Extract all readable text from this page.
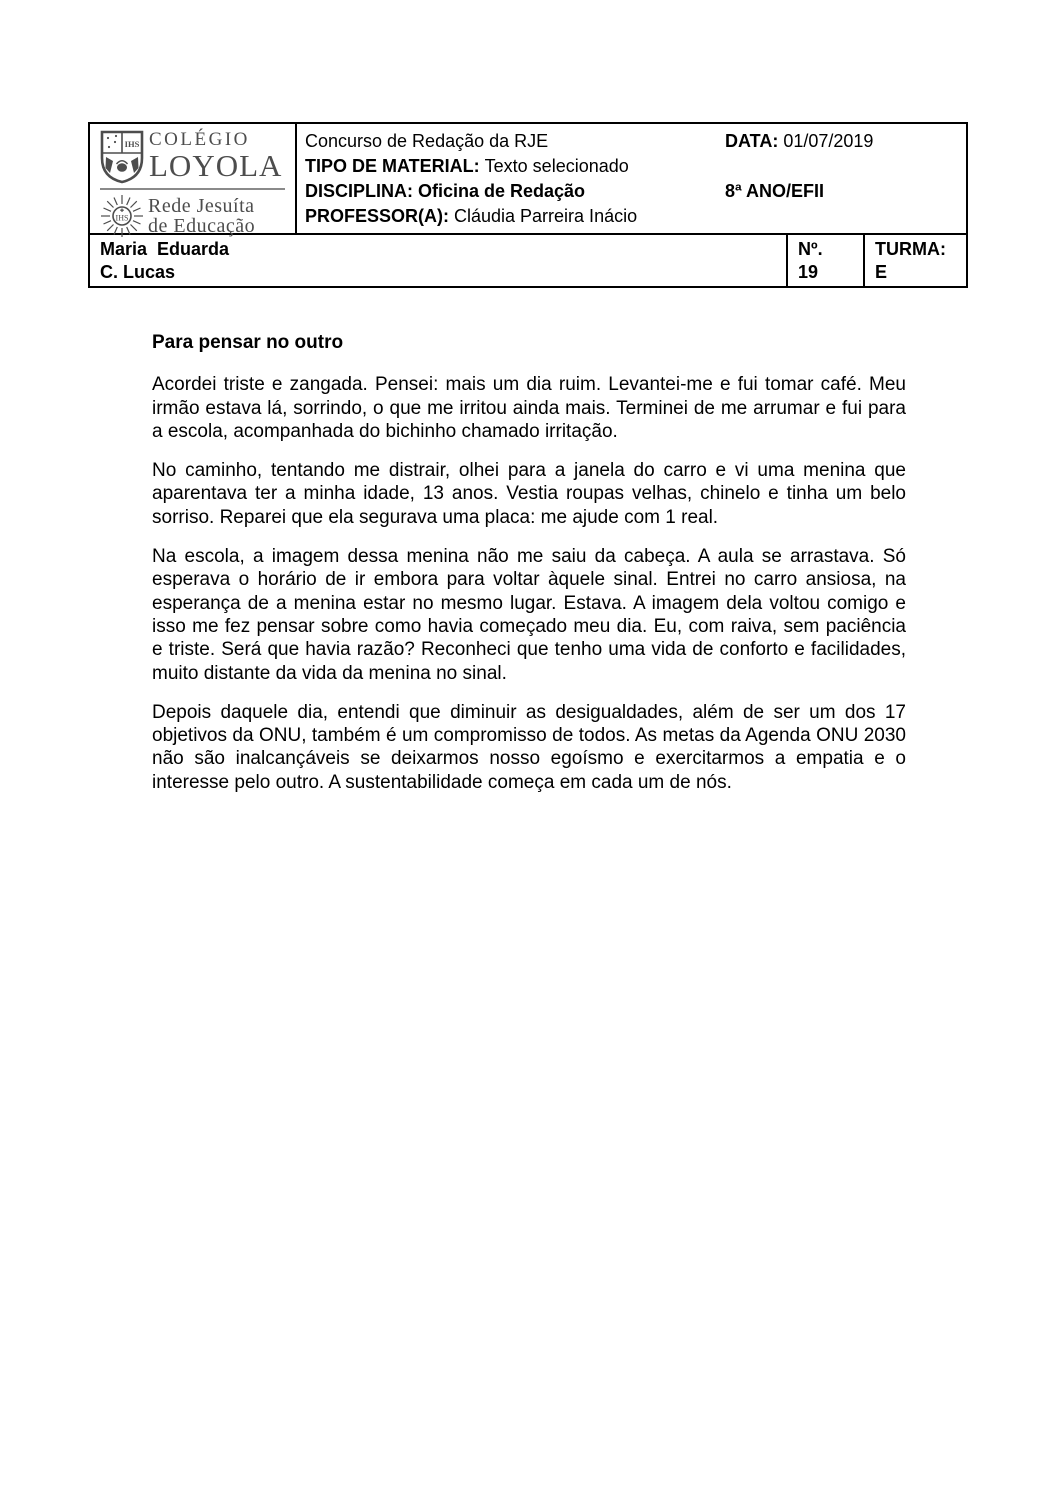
IHS COLÉGIO
LOYOLA
IHS
Rede Jesuíta
de Educação
Concurso de Redação da RJE	DATA: 01/07/2019
TIPO DE MATERIAL: Texto selecionado
DISCIPLINA: Oficina de Redação	8ª ANO/EFII
PROFESSOR(A): Cláudia Parreira Inácio
Maria  Eduarda
C. Lucas
Nº.
19
TURMA:
E
Para pensar no outro

Acordei triste e zangada. Pensei: mais um dia ruim. Levantei-me e fui tomar café. Meu irmão estava lá, sorrindo, o que me irritou ainda mais. Terminei de me arrumar e fui para a escola, acompanhada do bichinho chamado irritação.

No caminho, tentando me distrair, olhei para a janela do carro e vi uma menina que aparentava ter a minha idade, 13 anos. Vestia roupas velhas, chinelo e tinha um belo sorriso. Reparei que ela segurava uma placa: me ajude com 1 real.

Na escola, a imagem dessa menina não me saiu da cabeça. A aula se arrastava. Só esperava o horário de ir embora para voltar àquele sinal. Entrei no carro ansiosa, na esperança de a menina estar no mesmo lugar. Estava. A imagem dela voltou comigo e isso me fez pensar sobre como havia começado meu dia. Eu, com raiva, sem paciência e triste. Será que havia razão? Reconheci que tenho uma vida de conforto e facilidades, muito distante da vida da menina no sinal.

Depois daquele dia, entendi que diminuir as desigualdades, além de ser um dos 17 objetivos da ONU, também é um compromisso de todos. As metas da Agenda ONU 2030 não são inalcançáveis se deixarmos nosso egoísmo e exercitarmos a empatia e o interesse pelo outro. A sustentabilidade começa em cada um de nós.
